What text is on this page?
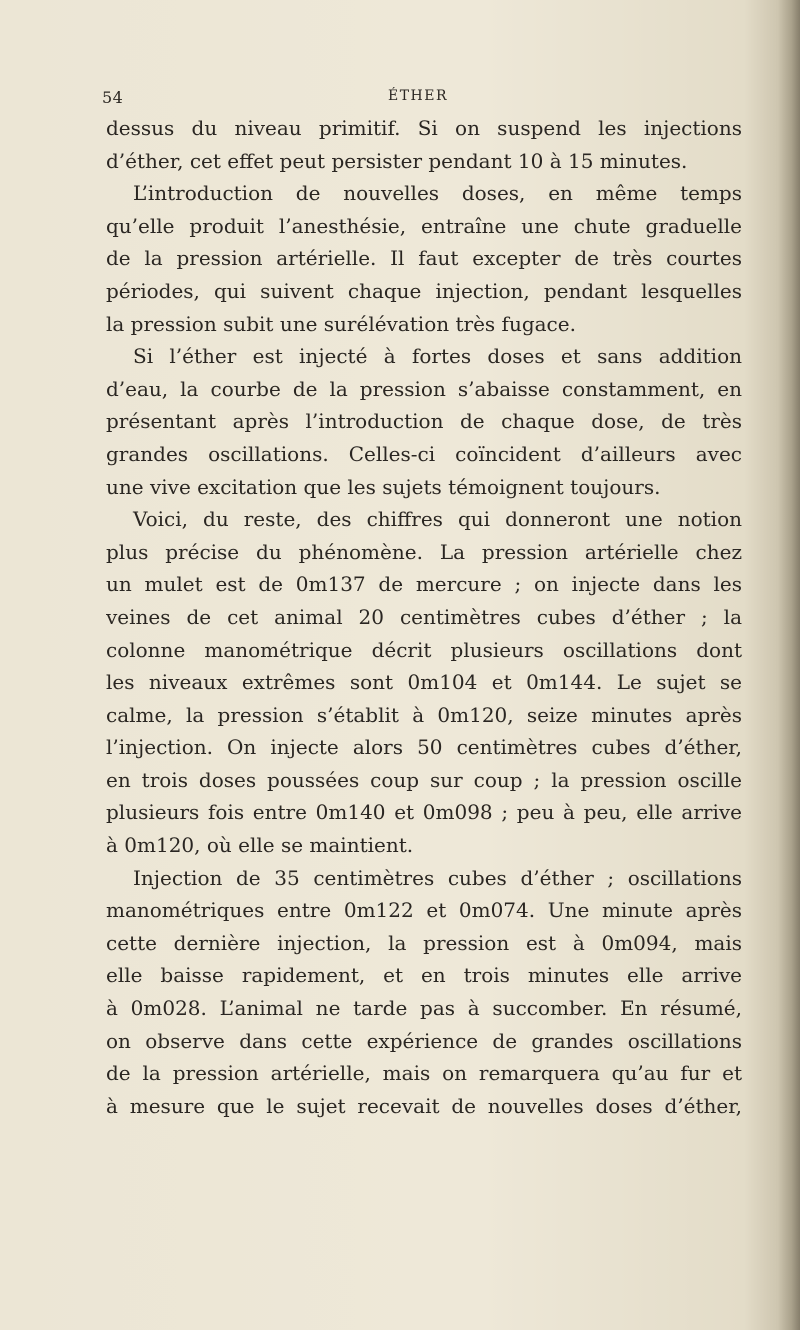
54	ÉTHER
dessus du niveau primitif. Si on suspend les injections
d’éther, cet effet peut persister pendant 10 à 15 minutes.
L’introduction de nouvelles doses, en même temps
qu’elle produit l’anesthésie, entraîne une chute graduelle
de la pression artérielle. Il faut excepter de très courtes
périodes, qui suivent chaque injection, pendant lesquelles
la pression subit une surélévation très fugace.
Si l’éther est injecté à fortes doses et sans addition
d’eau, la courbe de la pression s’abaisse constamment, en
présentant après l’introduction de chaque dose, de très
grandes oscillations. Celles-ci coïncident d’ailleurs avec
une vive excitation que les sujets témoignent toujours.
Voici, du reste, des chiffres qui donneront une notion
plus précise du phénomène. La pression artérielle chez
un mulet est de 0m137 de mercure ; on injecte dans les
veines de cet animal 20 centimètres cubes d’éther ; la
colonne manométrique décrit plusieurs oscillations dont
les niveaux extrêmes sont 0m104 et 0m144. Le sujet se
calme, la pression s’établit à 0m120, seize minutes après
l’injection. On injecte alors 50 centimètres cubes d’éther,
en trois doses poussées coup sur coup ; la pression oscille
plusieurs fois entre 0m140 et 0m098 ; peu à peu, elle arrive
à 0m120, où elle se maintient.
Injection de 35 centimètres cubes d’éther ; oscillations
manométriques entre 0m122 et 0m074. Une minute après
cette dernière injection, la pression est à 0m094, mais
elle baisse rapidement, et en trois minutes elle arrive
à 0m028. L’animal ne tarde pas à succomber. En résumé,
on observe dans cette expérience de grandes oscillations
de la pression artérielle, mais on remarquera qu’au fur et
à mesure que le sujet recevait de nouvelles doses d’éther,
